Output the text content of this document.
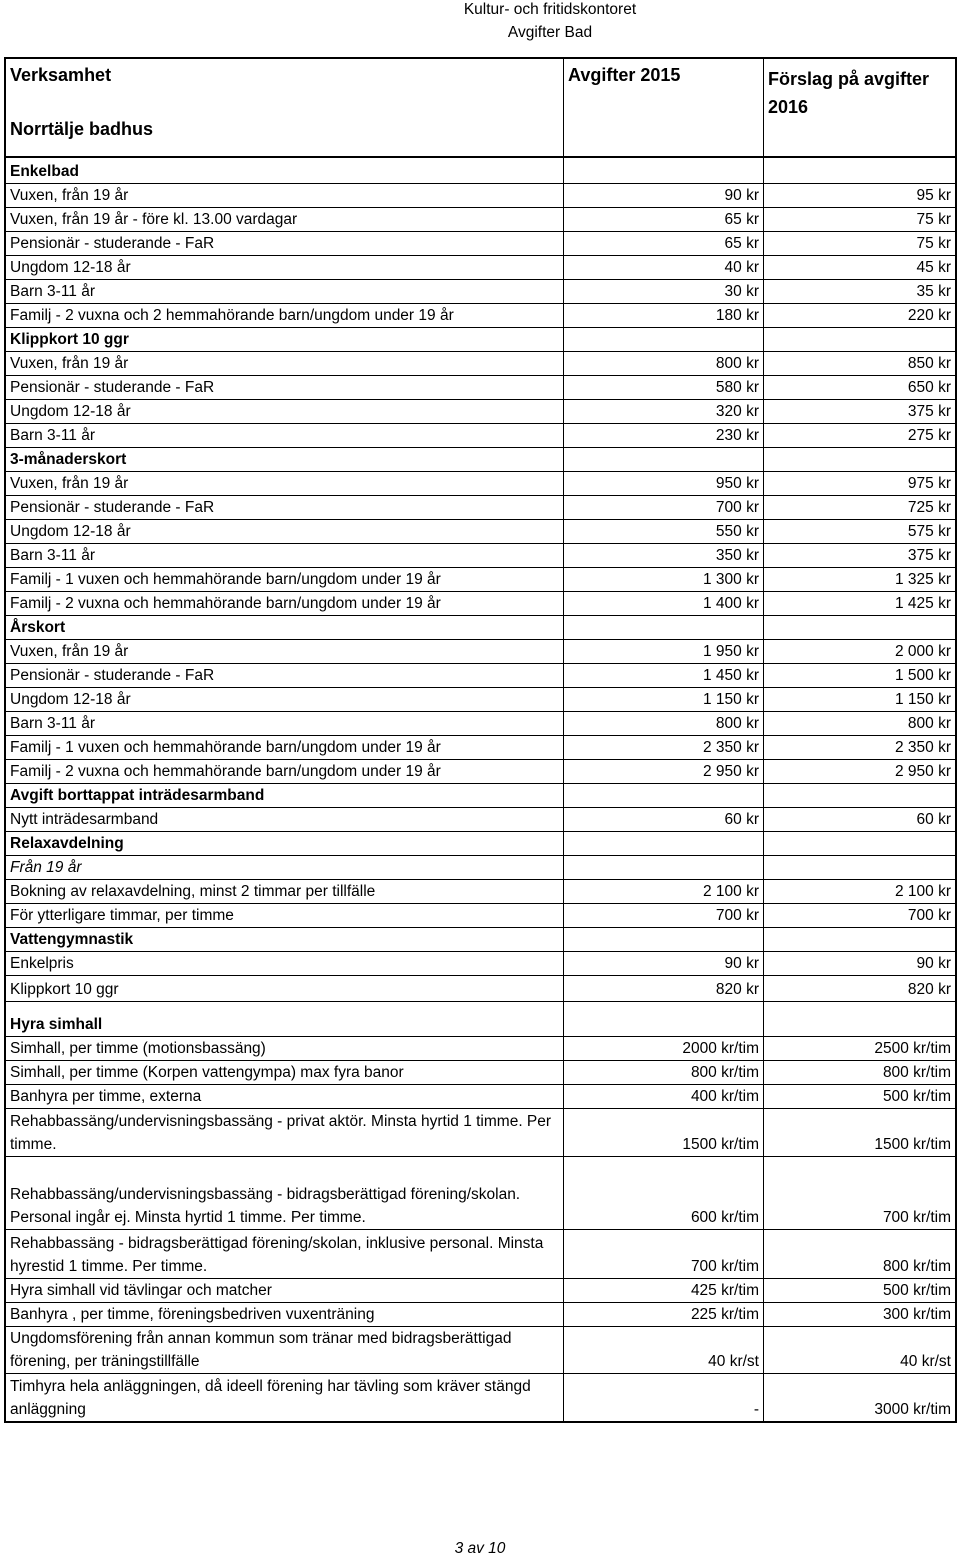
Kultur- och fritidskontoret
Avgifter Bad
Verksamhet
Norrtälje badhus
Avgifter 2015	Förslag på avgifter 2016
Enkelbad
Vuxen, från 19 år	90 kr	95 kr
Vuxen, från 19 år - före kl. 13.00 vardagar	65 kr	75 kr
Pensionär - studerande - FaR	65 kr	75 kr
Ungdom 12-18 år	40 kr	45 kr
Barn 3-11 år	30 kr	35 kr
Familj - 2 vuxna och 2 hemmahörande barn/ungdom under 19 år	180 kr	220 kr
Klippkort 10 ggr
Vuxen, från 19 år	800 kr	850 kr
Pensionär - studerande - FaR	580 kr	650 kr
Ungdom 12-18 år	320 kr	375 kr
Barn 3-11 år	230 kr	275 kr
3-månaderskort
Vuxen, från 19 år	950 kr	975 kr
Pensionär - studerande - FaR	700 kr	725 kr
Ungdom 12-18 år	550 kr	575 kr
Barn 3-11 år	350 kr	375 kr
Familj - 1 vuxen och hemmahörande barn/ungdom under 19 år	1 300 kr	1 325 kr
Familj - 2 vuxna och hemmahörande barn/ungdom under 19 år	1 400 kr	1 425 kr
Årskort
Vuxen, från 19 år	1 950 kr	2 000 kr
Pensionär - studerande - FaR	1 450 kr	1 500 kr
Ungdom 12-18 år	1 150 kr	1 150 kr
Barn 3-11 år	800 kr	800 kr
Familj - 1 vuxen och hemmahörande barn/ungdom under 19 år	2 350 kr	2 350 kr
Familj - 2 vuxna och hemmahörande barn/ungdom under 19 år	2 950 kr	2 950 kr
Avgift borttappat inträdesarmband
Nytt inträdesarmband	60 kr	60 kr
Relaxavdelning
Från 19 år
Bokning av relaxavdelning, minst 2 timmar per tillfälle	2 100 kr	2 100 kr
För ytterligare timmar, per timme	700 kr	700 kr
Vattengymnastik
Enkelpris	90 kr	90 kr
Klippkort 10 ggr	820 kr	820 kr
Hyra simhall
Simhall, per timme (motionsbassäng)	2000 kr/tim	2500 kr/tim
Simhall, per timme (Korpen vattengympa) max fyra banor	800 kr/tim	800 kr/tim
Banhyra per timme, externa	400 kr/tim	500 kr/tim
Rehabbassäng/undervisningsbassäng - privat aktör. Minsta hyrtid 1 timme. Per timme.	1500 kr/tim	1500 kr/tim
Rehabbassäng/undervisningsbassäng - bidragsberättigad förening/skolan. Personal ingår ej. Minsta hyrtid 1 timme. Per timme.	600 kr/tim	700 kr/tim
Rehabbassäng - bidragsberättigad förening/skolan, inklusive personal. Minsta hyrestid 1 timme. Per timme.	700 kr/tim	800 kr/tim
Hyra simhall vid tävlingar och matcher	425 kr/tim	500 kr/tim
Banhyra , per timme, föreningsbedriven vuxenträning	225 kr/tim	300 kr/tim
Ungdomsförening från annan kommun som tränar med bidragsberättigad förening, per träningstillfälle	40 kr/st	40 kr/st
Timhyra hela anläggningen, då ideell förening har tävling som kräver stängd anläggning	-	3000 kr/tim
3 av 10
